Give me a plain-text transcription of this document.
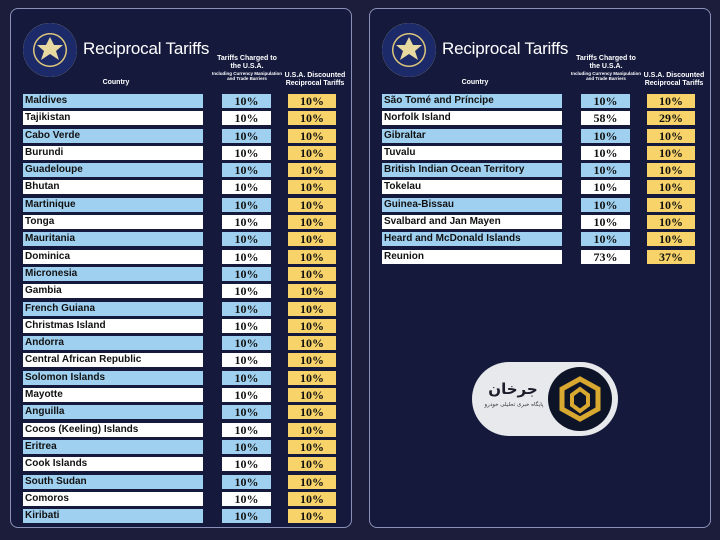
Reciprocal Tariffs
Tariffs Charged to the U.S.A.
Including Currency Manipulation and Trade Barriers
Country
U.S.A. Discounted Reciprocal Tariffs
Maldives	10%	10%
Tajikistan	10%	10%
Cabo Verde	10%	10%
Burundi	10%	10%
Guadeloupe	10%	10%
Bhutan	10%	10%
Martinique	10%	10%
Tonga	10%	10%
Mauritania	10%	10%
Dominica	10%	10%
Micronesia	10%	10%
Gambia	10%	10%
French Guiana	10%	10%
Christmas Island	10%	10%
Andorra	10%	10%
Central African Republic	10%	10%
Solomon Islands	10%	10%
Mayotte	10%	10%
Anguilla	10%	10%
Cocos (Keeling) Islands	10%	10%
Eritrea	10%	10%
Cook Islands	10%	10%
South Sudan	10%	10%
Comoros	10%	10%
Kiribati	10%	10%
Reciprocal Tariffs
Tariffs Charged to the U.S.A.
Including Currency Manipulation and Trade Barriers
Country
U.S.A. Discounted Reciprocal Tariffs
São Tomé and Príncipe	10%	10%
Norfolk Island	58%	29%
Gibraltar	10%	10%
Tuvalu	10%	10%
British Indian Ocean Territory	10%	10%
Tokelau	10%	10%
Guinea-Bissau	10%	10%
Svalbard and Jan Mayen	10%	10%
Heard and McDonald Islands	10%	10%
Reunion	73%	37%
جرخان
پایگاه خبری تحلیلی خودرو
